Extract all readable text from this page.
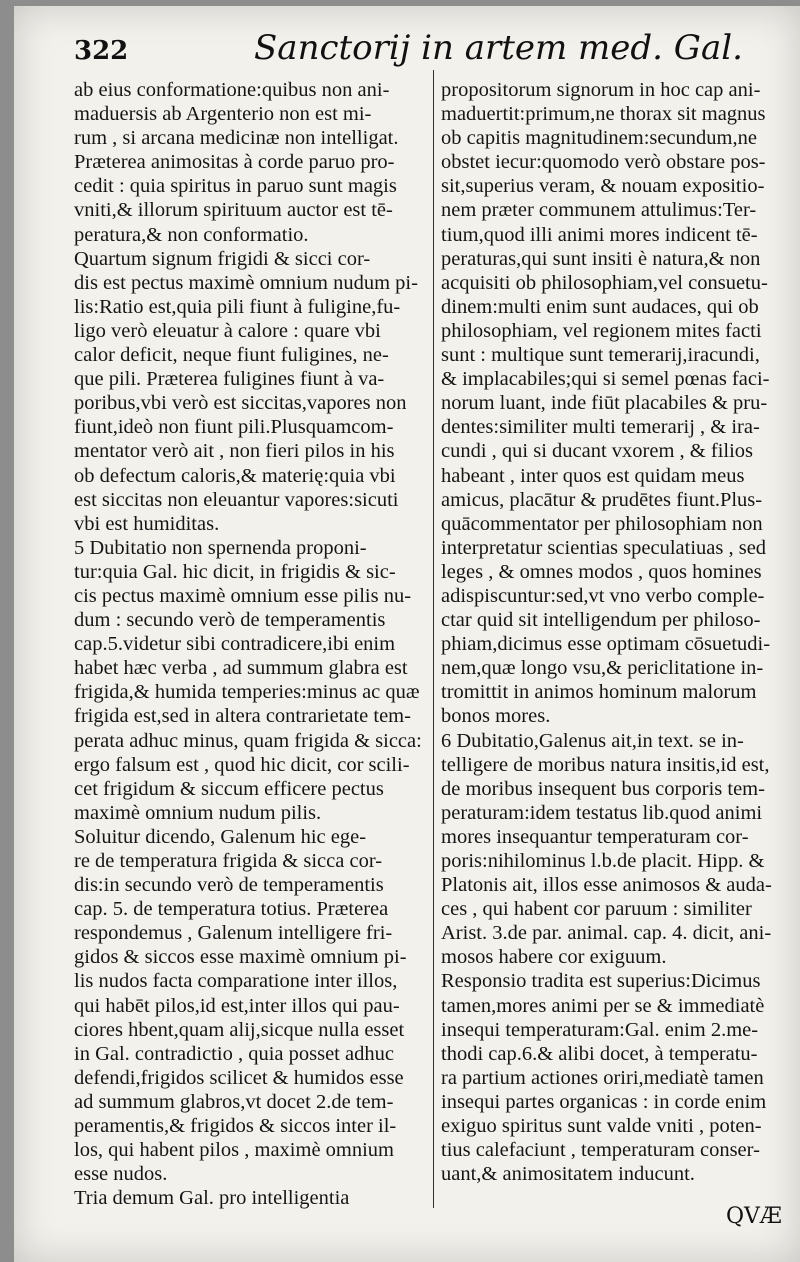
322	Sanctorij in artem med. Gal.
ab eius conformatione:quibus non ani-
maduersis ab Argenterio non est mi-
rum , si arcana medicinæ non intelligat.
Præterea animositas à corde paruo pro-
cedit : quia spiritus in paruo sunt magis
vniti,& illorum spirituum auctor est tē-
peratura,& non conformatio.
Quartum signum frigidi & sicci cor-
dis est pectus maximè omnium nudum pi-
lis:Ratio est,quia pili fiunt à fuligine,fu-
ligo verò eleuatur à calore : quare vbi
calor deficit, neque fiunt fuligines, ne-
que pili. Præterea fuligines fiunt à va-
poribus,vbi verò est siccitas,vapores non
fiunt,ideò non fiunt pili.Plusquamcom-
mentator verò ait , non fieri pilos in his
ob defectum caloris,& materię:quia vbi
est siccitas non eleuantur vapores:sicuti
vbi est humiditas.
5 Dubitatio non spernenda proponi-
tur:quia Gal. hic dicit, in frigidis & sic-
cis pectus maximè omnium esse pilis nu-
dum : secundo verò de temperamentis
cap.5.videtur sibi contradicere,ibi enim
habet hæc verba , ad summum glabra est
frigida,& humida temperies:minus ac quæ
frigida est,sed in altera contrarietate tem-
perata adhuc minus, quam frigida & sicca:
ergo falsum est , quod hic dicit, cor scili-
cet frigidum & siccum efficere pectus
maximè omnium nudum pilis.
Soluitur dicendo, Galenum hic ege-
re de temperatura frigida & sicca cor-
dis:in secundo verò de temperamentis
cap. 5. de temperatura totius. Præterea
respondemus , Galenum intelligere fri-
gidos & siccos esse maximè omnium pi-
lis nudos facta comparatione inter illos,
qui habēt pilos,id est,inter illos qui pau-
ciores hbent,quam alij,sicque nulla esset
in Gal. contradictio , quia posset adhuc
defendi,frigidos scilicet & humidos esse
ad summum glabros,vt docet 2.de tem-
peramentis,& frigidos & siccos inter il-
los, qui habent pilos , maximè omnium
esse nudos.
Tria demum Gal. pro intelligentia
propositorum signorum in hoc cap ani-
maduertit:primum,ne thorax sit magnus
ob capitis magnitudinem:secundum,ne
obstet iecur:quomodo verò obstare pos-
sit,superius veram, & nouam expositio-
nem præter communem attulimus:Ter-
tium,quod illi animi mores indicent tē-
peraturas,qui sunt insiti è natura,& non
acquisiti ob philosophiam,vel consuetu-
dinem:multi enim sunt audaces, qui ob
philosophiam, vel regionem mites facti
sunt : multique sunt temerarij,iracundi,
& implacabiles;qui si semel pœnas faci-
norum luant, inde fiūt placabiles & pru-
dentes:similiter multi temerarij , & ira-
cundi , qui si ducant vxorem , & filios
habeant , inter quos est quidam meus
amicus, placātur & prudētes fiunt.Plus-
quācommentator per philosophiam non
interpretatur scientias speculatiuas , sed
leges , & omnes modos , quos homines
adispiscuntur:sed,vt vno verbo comple-
ctar quid sit intelligendum per philoso-
phiam,dicimus esse optimam cōsuetudi-
nem,quæ longo vsu,& periclitatione in-
tromittit in animos hominum malorum
bonos mores.
6 Dubitatio,Galenus ait,in text. se in-
telligere de moribus natura insitis,id est,
de moribus insequent bus corporis tem-
peraturam:idem testatus lib.quod animi
mores insequantur temperaturam cor-
poris:nihilominus l.b.de placit. Hipp. &
Platonis ait, illos esse animosos & auda-
ces , qui habent cor paruum : similiter
Arist. 3.de par. animal. cap. 4. dicit, ani-
mosos habere cor exiguum.
Responsio tradita est superius:Dicimus
tamen,mores animi per se & immediatè
insequi temperaturam:Gal. enim 2.me-
thodi cap.6.& alibi docet, à temperatu-
ra partium actiones oriri,mediatè tamen
insequi partes organicas : in corde enim
exiguo spiritus sunt valde vniti , poten-
tius calefaciunt , temperaturam conser-
uant,& animositatem inducunt.
QVÆ
